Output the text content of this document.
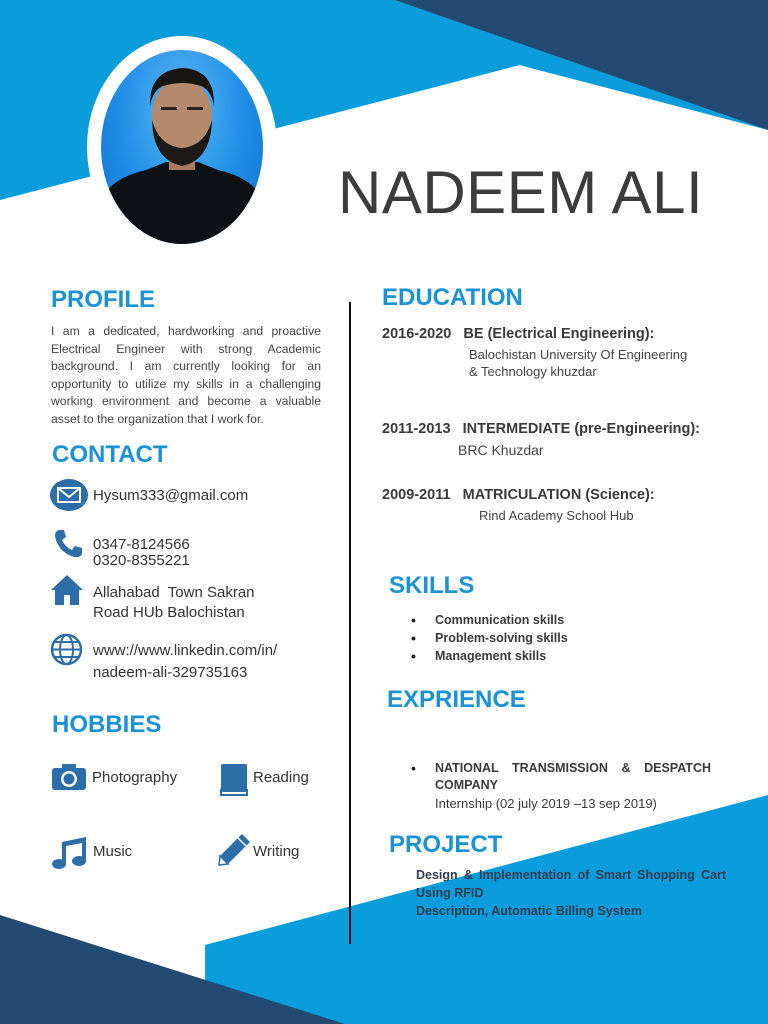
NADEEM ALI
PROFILE
I am a dedicated, hardworking and proactive Electrical Engineer with strong Academic background. I am currently looking for an opportunity to utilize my skills in a challenging working environment and become a valuable asset to the organization that I work for.
CONTACT
Hysum333@gmail.com
0347-8124566
0320-8355221
Allahabad  Town Sakran
Road HUb Balochistan
www://www.linkedin.com/in/
nadeem-ali-329735163
HOBBIES
Photography	Reading
Music	Writing
EDUCATION
2016-2020   BE (Electrical Engineering):
Balochistan University Of Engineering
& Technology khuzdar
2011-2013   INTERMEDIATE (pre-Engineering):
BRC Khuzdar
2009-2011   MATRICULATION (Science):
Rind Academy School Hub
SKILLS
• Communication skills
• Problem-solving skills
• Management skills
EXPRIENCE
•	NATIONAL TRANSMISSION & DESPATCH COMPANY
Internship (02 july 2019 –13 sep 2019)
PROJECT
Design & Implementation of Smart Shopping Cart Using RFID
Description, Automatic Billing System
